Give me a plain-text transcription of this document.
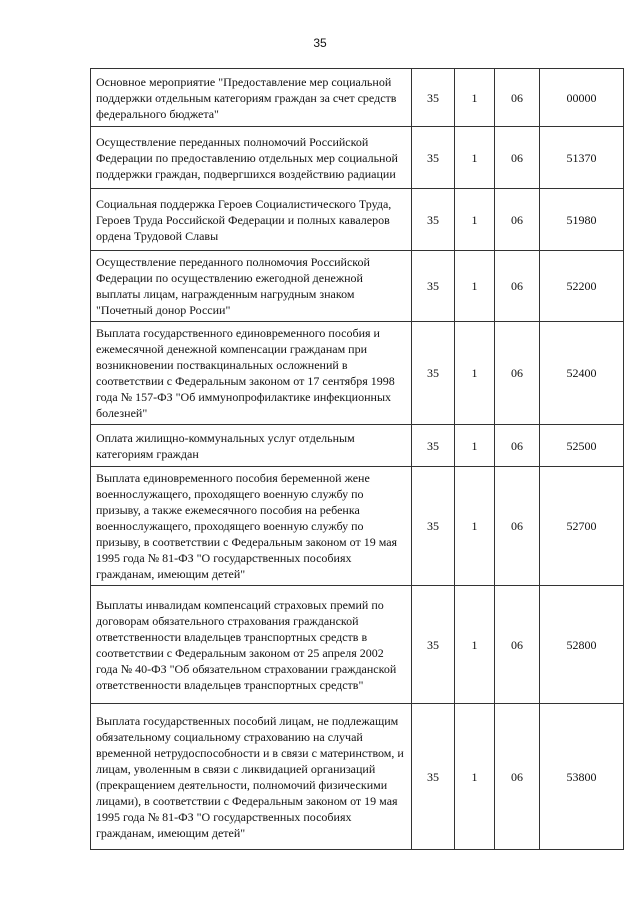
35
Основное мероприятие "Предоставление мер социальной поддержки отдельным категориям граждан за счет средств федерального бюджета"	35	1	06	00000
Осуществление переданных полномочий Российской Федерации по предоставлению отдельных мер социальной поддержки граждан, подвергшихся воздействию радиации	35	1	06	51370
Социальная поддержка Героев Социалистического Труда, Героев Труда Российской Федерации и полных кавалеров ордена Трудовой Славы	35	1	06	51980
Осуществление переданного полномочия Российской Федерации по осуществлению ежегодной денежной выплаты лицам, награжденным нагрудным знаком "Почетный донор России"	35	1	06	52200
Выплата государственного единовременного пособия и ежемесячной денежной компенсации гражданам при возникновении поствакцинальных осложнений в соответствии с Федеральным законом от 17 сентября 1998 года № 157-ФЗ "Об иммунопрофилактике инфекционных болезней"	35	1	06	52400
Оплата жилищно-коммунальных услуг отдельным категориям граждан	35	1	06	52500
Выплата единовременного пособия беременной жене военнослужащего, проходящего военную службу по призыву, а также ежемесячного пособия на ребенка военнослужащего, проходящего военную службу по призыву, в соответствии с Федеральным законом от 19 мая 1995 года № 81-ФЗ "О государственных пособиях гражданам, имеющим детей"	35	1	06	52700
Выплаты инвалидам компенсаций страховых премий по договорам обязательного страхования гражданской ответственности владельцев транспортных средств в соответствии с Федеральным законом от 25 апреля 2002 года № 40-ФЗ "Об обязательном страховании гражданской ответственности владельцев транспортных средств"	35	1	06	52800
Выплата государственных пособий лицам, не подлежащим обязательному социальному страхованию на случай временной нетрудоспособности и в связи с материнством, и лицам, уволенным в связи с ликвидацией организаций (прекращением деятельности, полномочий физическими лицами), в соответствии с Федеральным законом от 19 мая 1995 года № 81-ФЗ "О государственных пособиях гражданам, имеющим детей"	35	1	06	53800
